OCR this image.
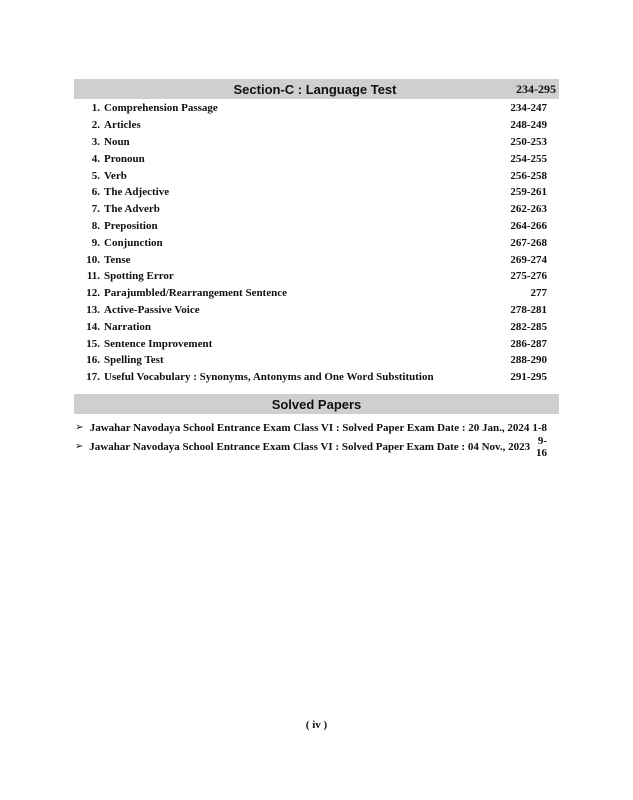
Section-C : Language Test	234-295
1. Comprehension Passage	234-247
2. Articles	248-249
3. Noun	250-253
4. Pronoun	254-255
5. Verb	256-258
6. The Adjective	259-261
7. The Adverb	262-263
8. Preposition	264-266
9. Conjunction	267-268
10. Tense	269-274
11. Spotting Error	275-276
12. Parajumbled/Rearrangement Sentence	277
13. Active-Passive Voice	278-281
14. Narration	282-285
15. Sentence Improvement	286-287
16. Spelling Test	288-290
17. Useful Vocabulary : Synonyms, Antonyms and One Word Substitution	291-295
Solved Papers
➢ Jawahar Navodaya School Entrance Exam Class VI : Solved Paper Exam Date : 20 Jan., 2024 1-8
➢ Jawahar Navodaya School Entrance Exam Class VI : Solved Paper Exam Date : 04 Nov., 2023 9-16
( iv )
